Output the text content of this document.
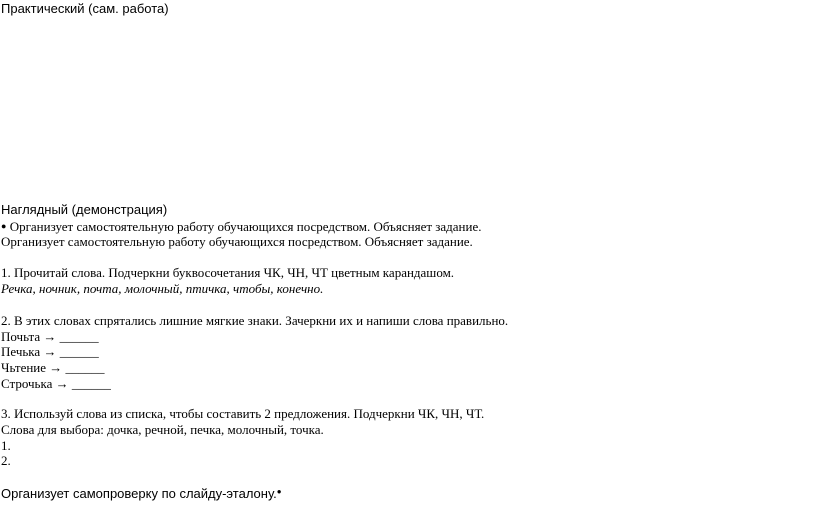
Практический (сам. работа)
Наглядный (демонстрация)
● Организует самостоятельную работу обучающихся посредством. Объясняет задание.
Организует самостоятельную работу обучающихся посредством. Объясняет задание.
1. Прочитай слова. Подчеркни буквосочетания ЧК, ЧН, ЧТ цветным карандашом.
Речка, ночник, почта, молочный, птичка, чтобы, конечно.
2. В этих словах спрятались лишние мягкие знаки. Зачеркни их и напиши слова правильно.
Почьта → ______
Печька → ______
Чьтение → ______
Строчька → ______
3. Используй слова из списка, чтобы составить 2 предложения. Подчеркни ЧК, ЧН, ЧТ.
Слова для выбора: дочка, речной, печка, молочный, точка.
1.
2.
Организует самопроверку по слайду-эталону.●
